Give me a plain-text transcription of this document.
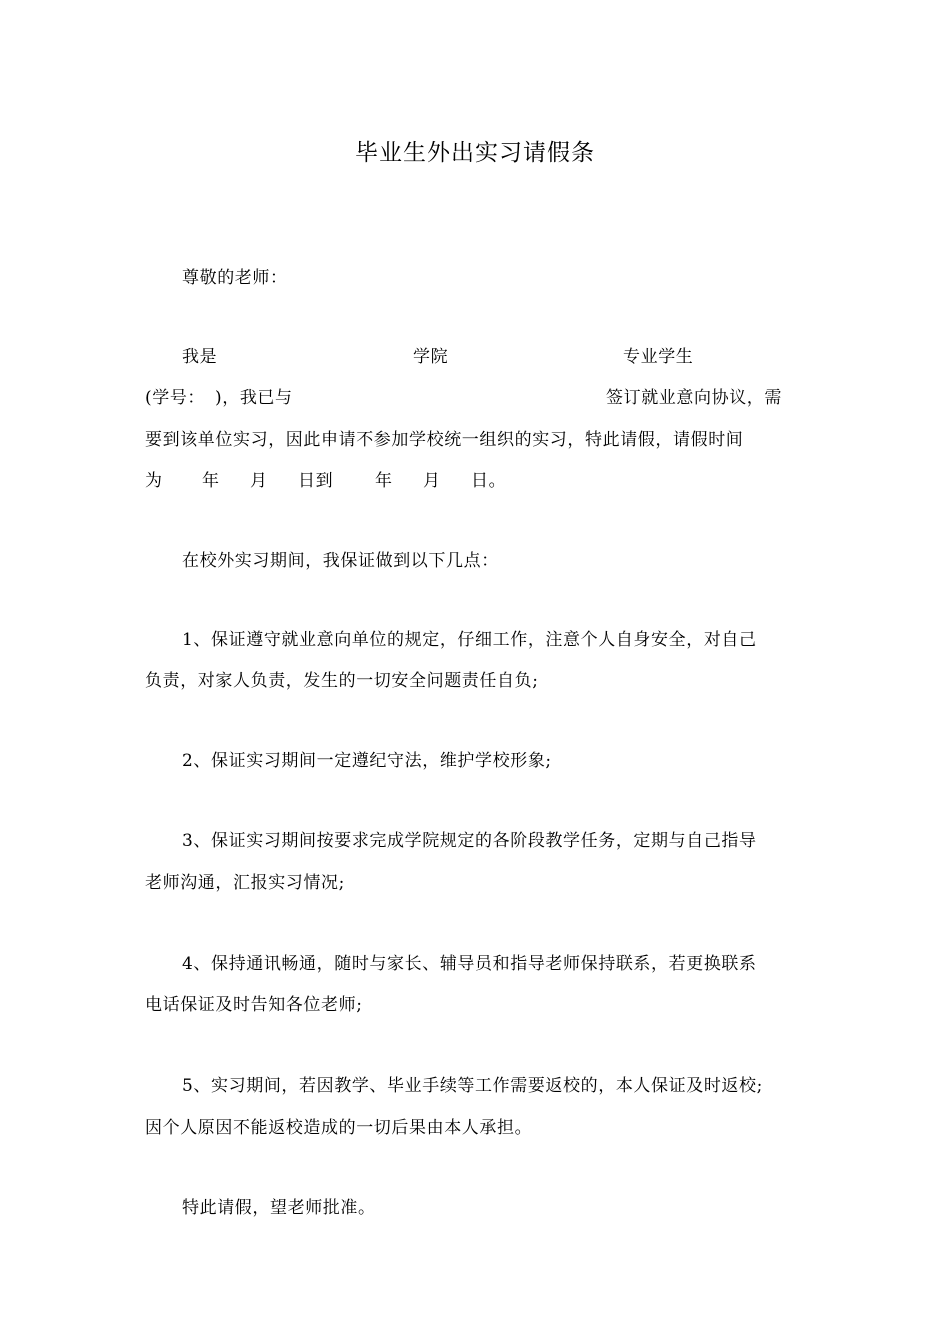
毕业生外出实习请假条
尊敬的老师：
我是	学院	专业学生
(学号： )，我已与	签订就业意向协议，需
要到该单位实习，因此申请不参加学校统一组织的实习，特此请假，请假时间
为 年 月 日到 年 月 日。
在校外实习期间，我保证做到以下几点：
1、保证遵守就业意向单位的规定，仔细工作，注意个人自身安全，对自己
负责，对家人负责，发生的一切安全问题责任自负;
2、保证实习期间一定遵纪守法，维护学校形象;
3、保证实习期间按要求完成学院规定的各阶段教学任务，定期与自己指导
老师沟通，汇报实习情况;
4、保持通讯畅通，随时与家长、辅导员和指导老师保持联系，若更换联系
电话保证及时告知各位老师;
5、实习期间，若因教学、毕业手续等工作需要返校的，本人保证及时返校;
因个人原因不能返校造成的一切后果由本人承担。
特此请假，望老师批准。
